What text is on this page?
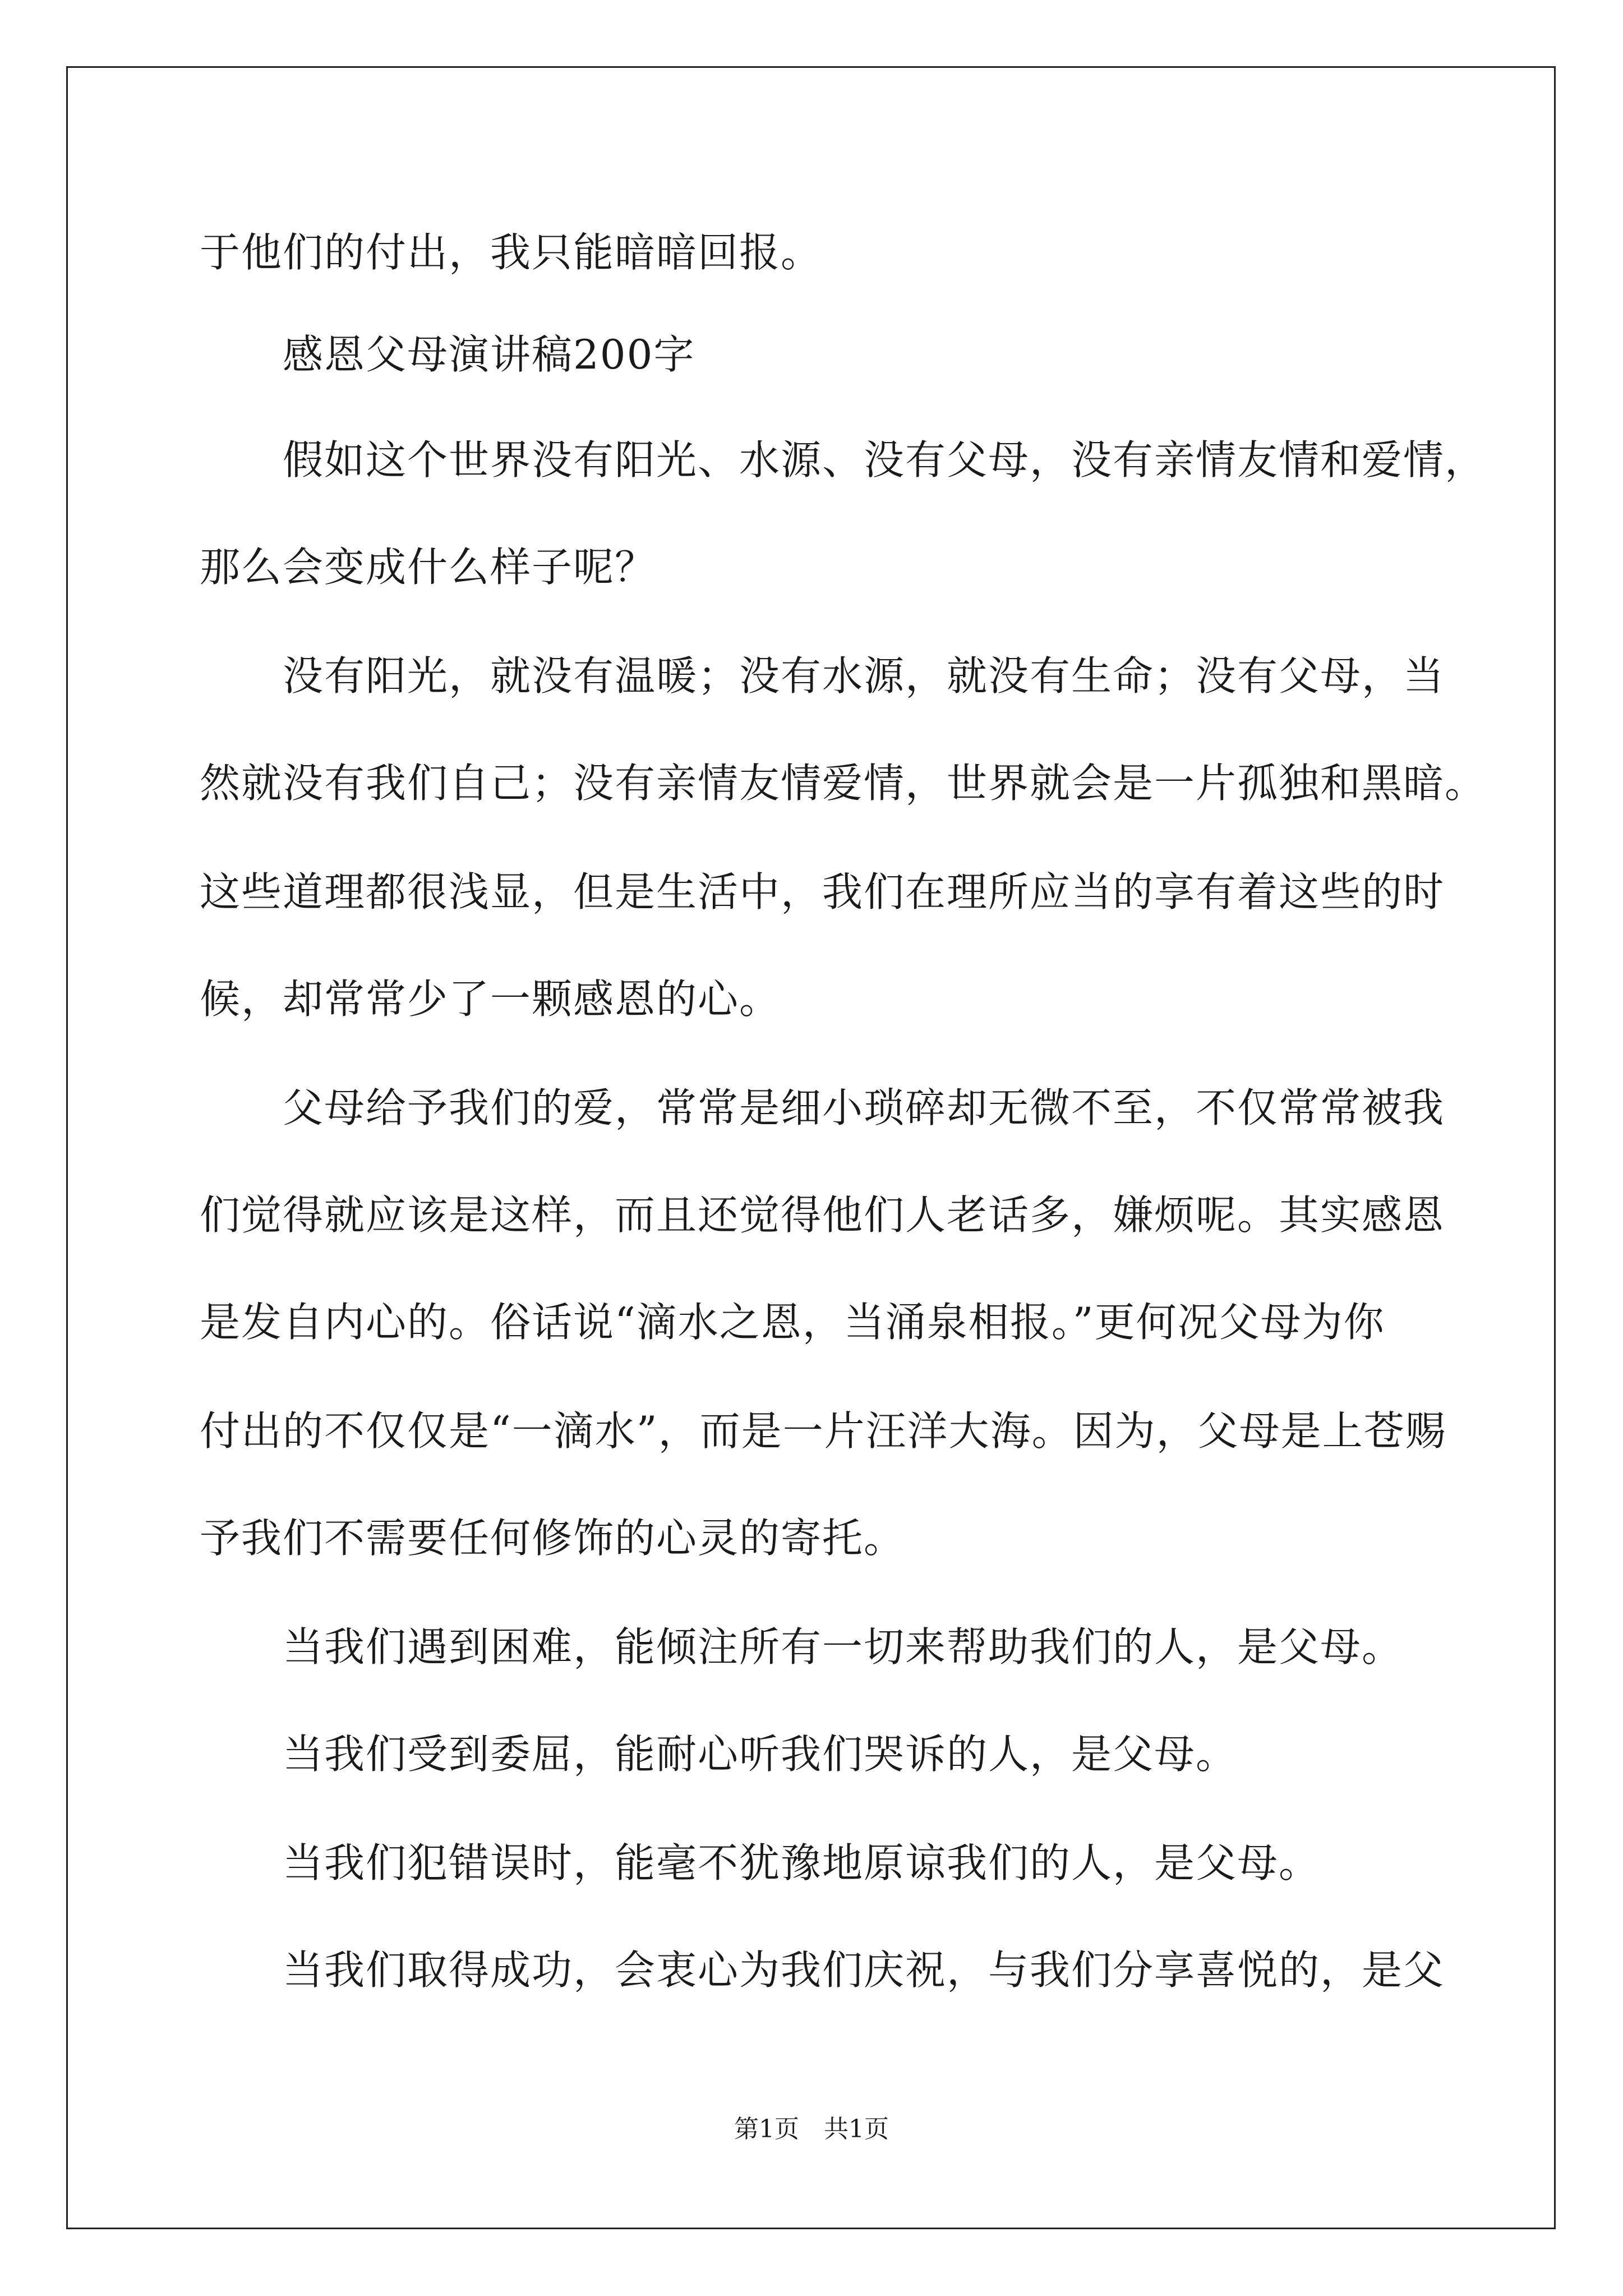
于他们的付出，我只能暗暗回报。
感恩父母演讲稿200字
假如这个世界没有阳光、水源、没有父母，没有亲情友情和爱情，
那么会变成什么样子呢？
没有阳光，就没有温暖；没有水源，就没有生命；没有父母，当
然就没有我们自己；没有亲情友情爱情，世界就会是一片孤独和黑暗。
这些道理都很浅显，但是生活中，我们在理所应当的享有着这些的时
候，却常常少了一颗感恩的心。
父母给予我们的爱，常常是细小琐碎却无微不至，不仅常常被我
们觉得就应该是这样，而且还觉得他们人老话多，嫌烦呢。其实感恩
是发自内心的。俗话说“滴水之恩，当涌泉相报。”更何况父母为你
付出的不仅仅是“一滴水”，而是一片汪洋大海。因为，父母是上苍赐
予我们不需要任何修饰的心灵的寄托。
当我们遇到困难，能倾注所有一切来帮助我们的人，是父母。
当我们受到委屈，能耐心听我们哭诉的人，是父母。
当我们犯错误时，能毫不犹豫地原谅我们的人，是父母。
当我们取得成功，会衷心为我们庆祝，与我们分享喜悦的，是父
第1页 共1页
